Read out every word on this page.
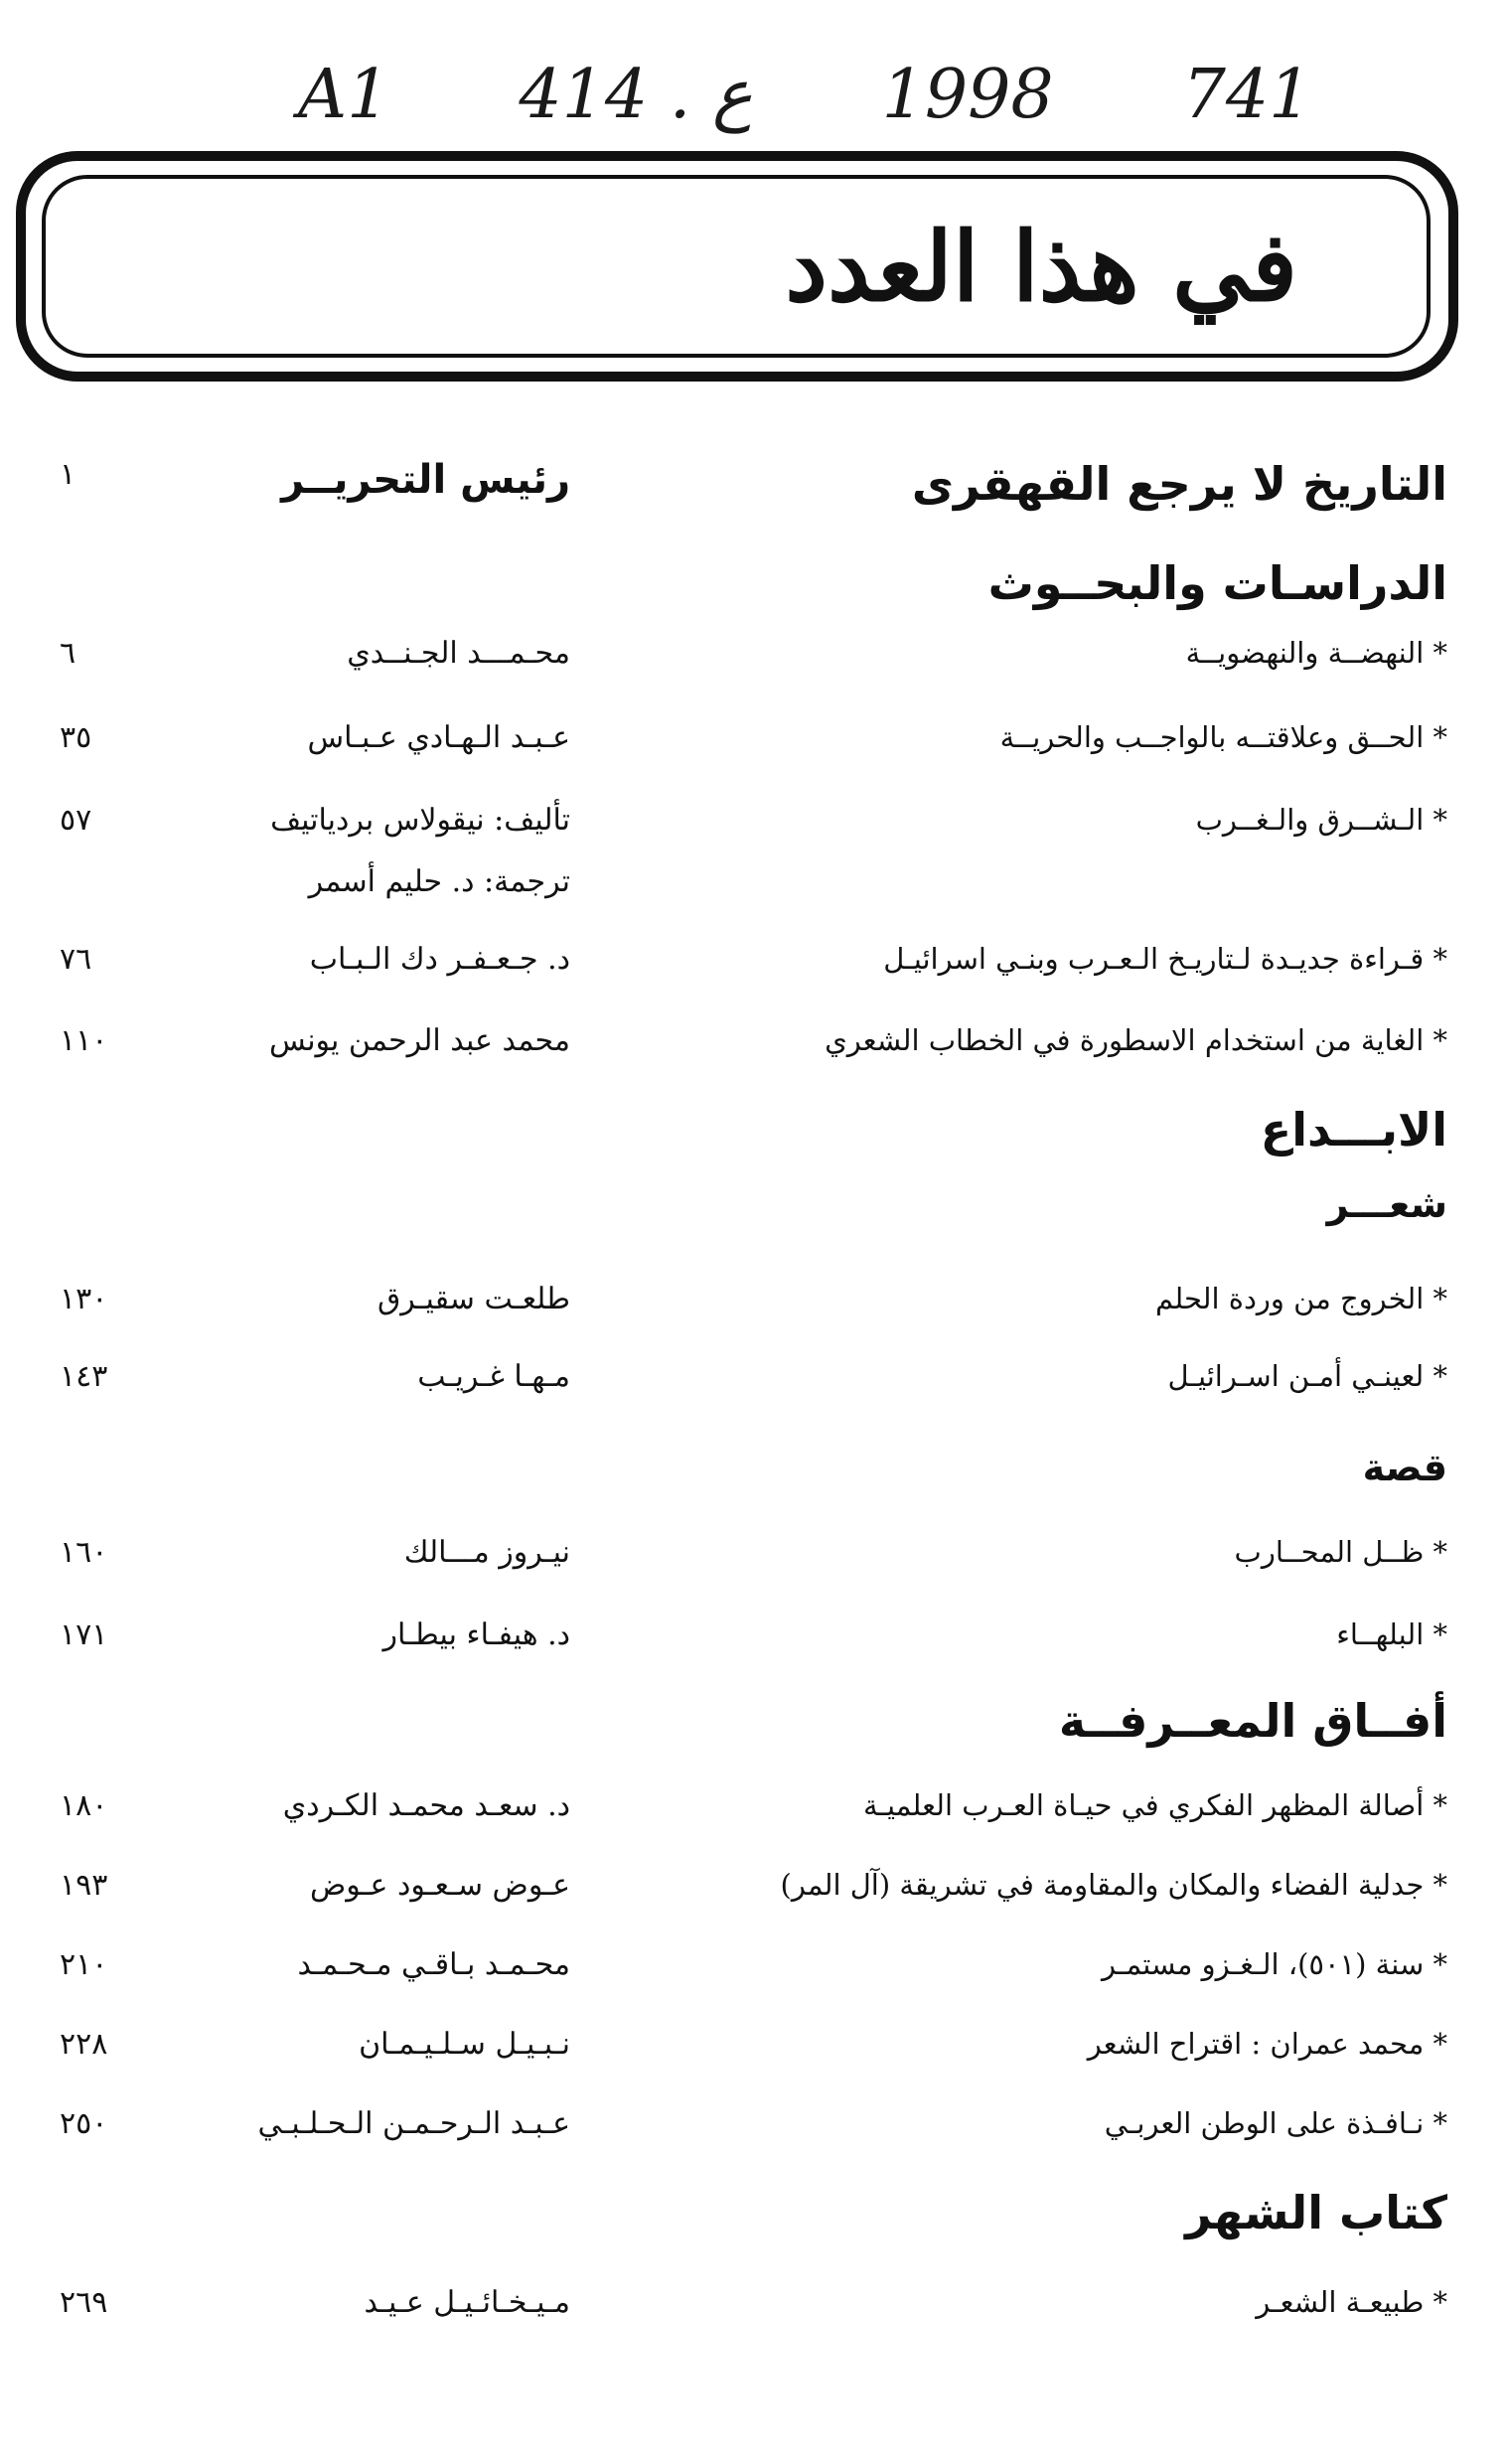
A1 414 . ع 1998 741
في هذا العدد
التاريخ لا يرجع القهقرى
رئيس التحريــر
١
الدراسـات والبحــوث
* النهضــة والنهضويــة
محـمـــد الجـنــدي
٦
* الحــق وعلاقتــه بالواجــب والحريــة
عـبـد الـهـادي عـبـاس
٣٥
* الـشــرق والـغــرب
تأليف: نيقولاس بردياتيف
٥٧
ترجمة: د. حليم أسمر
* قـراءة جديـدة لـتاريـخ الـعـرب وبنـي اسرائيـل
د. جـعـفـر دك الـبـاب
٧٦
* الغاية من استخدام الاسطورة في الخطاب الشعري
محمد عبد الرحمن يونس
١١٠
الابـــداع
شعـــر
* الخروج من وردة الحلم
طلعـت سقيـرق
١٣٠
* لعينـي أمـن اسـرائيـل
مـهـا غـريـب
١٤٣
قصة
* ظــل المحــارب
نيـروز مـــالك
١٦٠
* البلهــاء
د. هيفـاء بيطـار
١٧١
أفــاق المعــرفــة
* أصالة المظهر الفكري في حيـاة العـرب العلميـة
د. سعـد محمـد الكـردي
١٨٠
* جدلية الفضاء والمكان والمقاومة في تشريقة (آل المر)
عـوض سـعـود عـوض
١٩٣
* سنة (٥٠١)، الـغـزو مستمـر
محـمـد بـاقـي مـحـمـد
٢١٠
* محمد عمران : اقتراح الشعر
نـبـيـل سـلـيـمـان
٢٢٨
* نـافـذة على الوطن العربـي
عـبـد الـرحـمـن الـحـلـبـي
٢٥٠
كتاب الشهر
* طبيعـة الشعـر
مـيـخـائـيـل عـيـد
٢٦٩
